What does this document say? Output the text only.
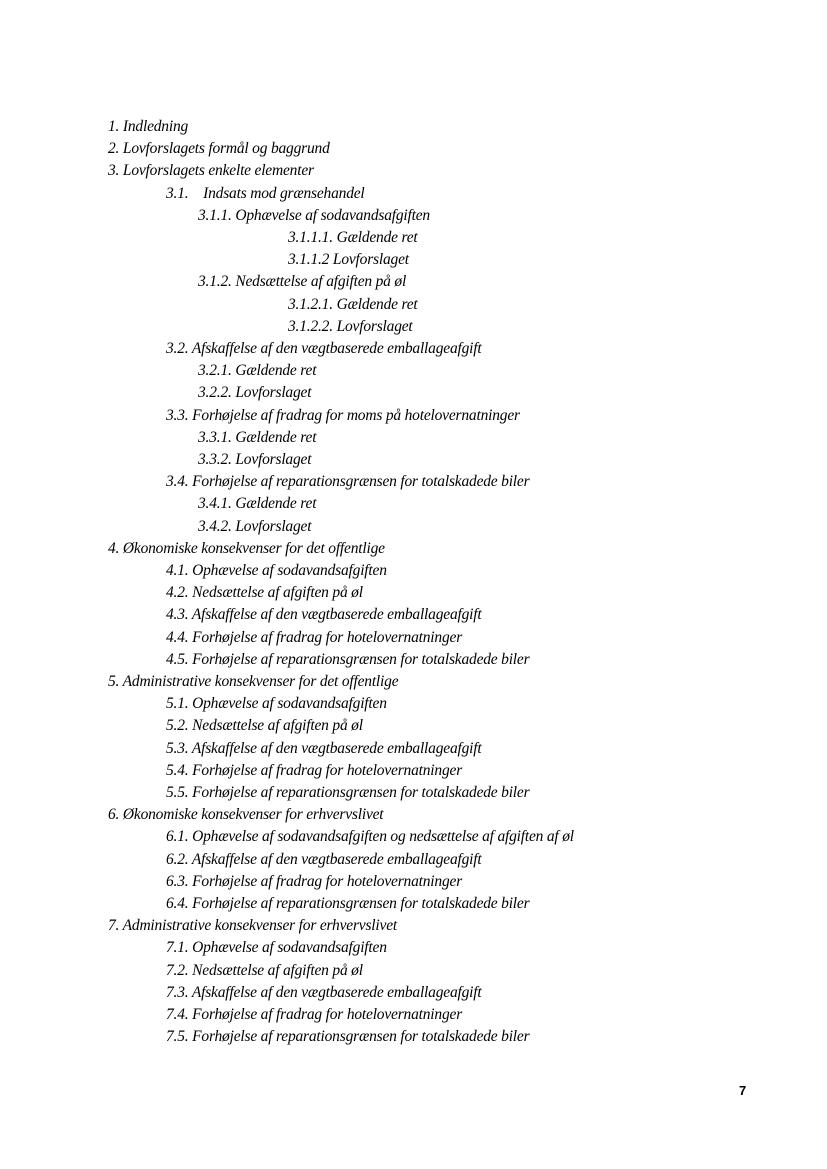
1. Indledning
2. Lovforslagets formål og baggrund
3. Lovforslagets enkelte elementer
3.1.    Indsats mod grænsehandel
3.1.1. Ophævelse af sodavandsafgiften
3.1.1.1. Gældende ret
3.1.1.2 Lovforslaget
3.1.2. Nedsættelse af afgiften på øl
3.1.2.1. Gældende ret
3.1.2.2. Lovforslaget
3.2. Afskaffelse af den vægtbaserede emballageafgift
3.2.1. Gældende ret
3.2.2. Lovforslaget
3.3. Forhøjelse af fradrag for moms på hotelovernatninger
3.3.1. Gældende ret
3.3.2. Lovforslaget
3.4. Forhøjelse af reparationsgrænsen for totalskadede biler
3.4.1. Gældende ret
3.4.2. Lovforslaget
4. Økonomiske konsekvenser for det offentlige
4.1. Ophævelse af sodavandsafgiften
4.2. Nedsættelse af afgiften på øl
4.3. Afskaffelse af den vægtbaserede emballageafgift
4.4. Forhøjelse af fradrag for hotelovernatninger
4.5. Forhøjelse af reparationsgrænsen for totalskadede biler
5. Administrative konsekvenser for det offentlige
5.1. Ophævelse af sodavandsafgiften
5.2. Nedsættelse af afgiften på øl
5.3. Afskaffelse af den vægtbaserede emballageafgift
5.4. Forhøjelse af fradrag for hotelovernatninger
5.5. Forhøjelse af reparationsgrænsen for totalskadede biler
6. Økonomiske konsekvenser for erhvervslivet
6.1. Ophævelse af sodavandsafgiften og nedsættelse af afgiften af øl
6.2. Afskaffelse af den vægtbaserede emballageafgift
6.3. Forhøjelse af fradrag for hotelovernatninger
6.4. Forhøjelse af reparationsgrænsen for totalskadede biler
7. Administrative konsekvenser for erhvervslivet
7.1. Ophævelse af sodavandsafgiften
7.2. Nedsættelse af afgiften på øl
7.3. Afskaffelse af den vægtbaserede emballageafgift
7.4. Forhøjelse af fradrag for hotelovernatninger
7.5. Forhøjelse af reparationsgrænsen for totalskadede biler
7
